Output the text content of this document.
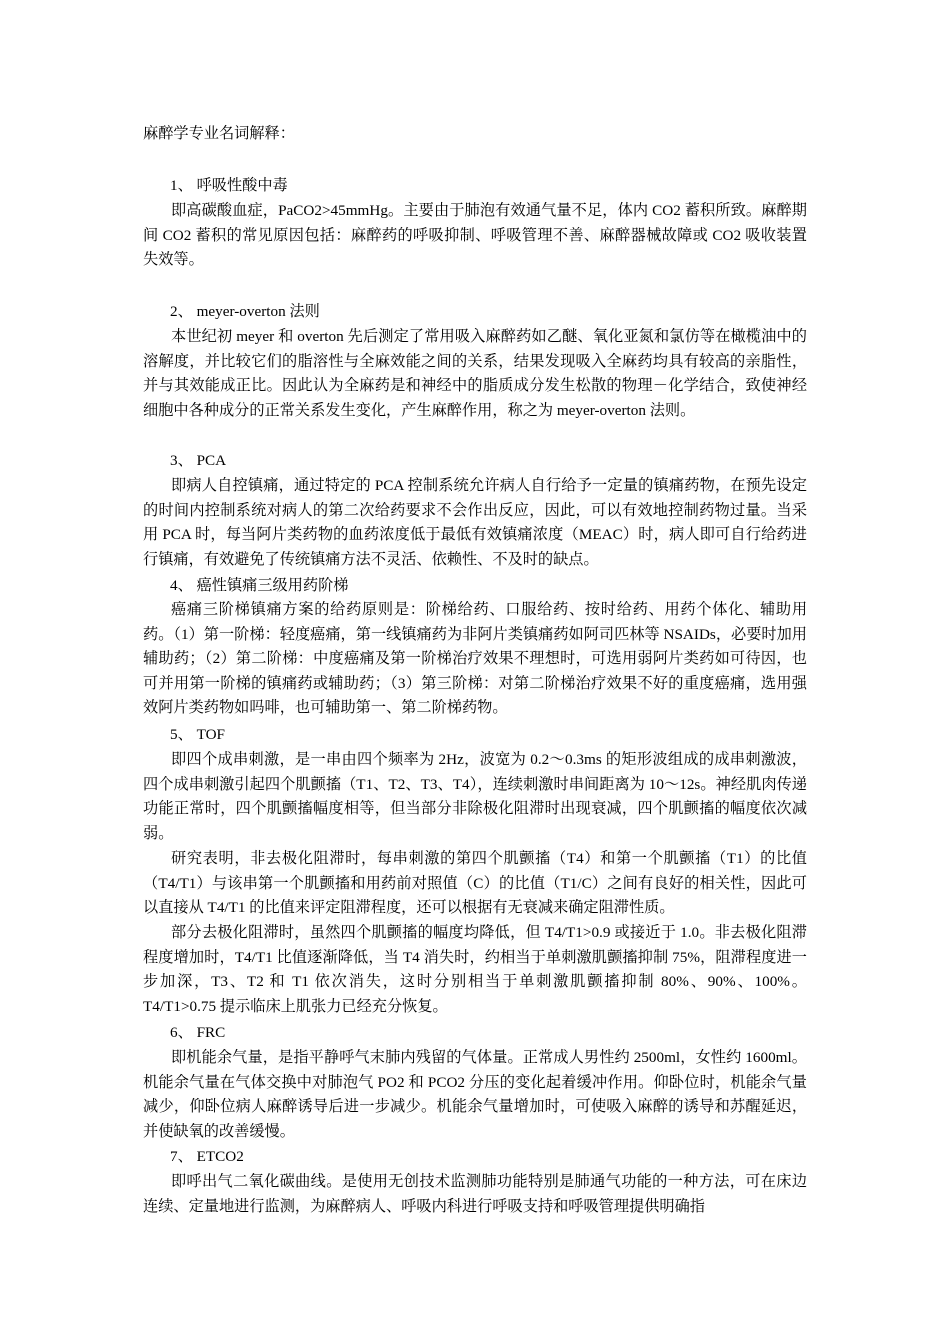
麻醉学专业名词解释：
1、 呼吸性酸中毒
即高碳酸血症，PaCO2>45mmHg。主要由于肺泡有效通气量不足，体内 CO2 蓄积所致。麻醉期间 CO2 蓄积的常见原因包括：麻醉药的呼吸抑制、呼吸管理不善、麻醉器械故障或 CO2 吸收装置失效等。
2、 meyer-overton 法则
本世纪初 meyer 和 overton 先后测定了常用吸入麻醉药如乙醚、氧化亚氮和氯仿等在橄榄油中的溶解度，并比较它们的脂溶性与全麻效能之间的关系，结果发现吸入全麻药均具有较高的亲脂性，并与其效能成正比。因此认为全麻药是和神经中的脂质成分发生松散的物理－化学结合，致使神经细胞中各种成分的正常关系发生变化，产生麻醉作用，称之为 meyer-overton 法则。
3、 PCA
即病人自控镇痛，通过特定的 PCA 控制系统允许病人自行给予一定量的镇痛药物，在预先设定的时间内控制系统对病人的第二次给药要求不会作出反应，因此，可以有效地控制药物过量。当采用 PCA 时，每当阿片类药物的血药浓度低于最低有效镇痛浓度（MEAC）时，病人即可自行给药进行镇痛，有效避免了传统镇痛方法不灵活、依赖性、不及时的缺点。
4、 癌性镇痛三级用药阶梯
癌痛三阶梯镇痛方案的给药原则是：阶梯给药、口服给药、按时给药、用药个体化、辅助用药。（1）第一阶梯：轻度癌痛，第一线镇痛药为非阿片类镇痛药如阿司匹林等 NSAIDs，必要时加用辅助药；（2）第二阶梯：中度癌痛及第一阶梯治疗效果不理想时，可选用弱阿片类药如可待因，也可并用第一阶梯的镇痛药或辅助药；（3）第三阶梯：对第二阶梯治疗效果不好的重度癌痛，选用强效阿片类药物如吗啡，也可辅助第一、第二阶梯药物。
5、 TOF
即四个成串刺激，是一串由四个频率为 2Hz，波宽为 0.2～0.3ms 的矩形波组成的成串刺激波，四个成串刺激引起四个肌颤搐（T1、T2、T3、T4），连续刺激时串间距离为 10～12s。神经肌肉传递功能正常时，四个肌颤搐幅度相等，但当部分非除极化阻滞时出现衰减，四个肌颤搐的幅度依次减弱。
研究表明，非去极化阻滞时，每串刺激的第四个肌颤搐（T4）和第一个肌颤搐（T1）的比值（T4/T1）与该串第一个肌颤搐和用药前对照值（C）的比值（T1/C）之间有良好的相关性，因此可以直接从 T4/T1 的比值来评定阻滞程度，还可以根据有无衰减来确定阻滞性质。
部分去极化阻滞时，虽然四个肌颤搐的幅度均降低，但 T4/T1>0.9 或接近于 1.0。非去极化阻滞程度增加时，T4/T1 比值逐渐降低，当 T4 消失时，约相当于单刺激肌颤搐抑制 75%，阻滞程度进一步加深，T3、T2 和 T1 依次消失，这时分别相当于单刺激肌颤搐抑制 80%、90%、100%。T4/T1>0.75 提示临床上肌张力已经充分恢复。
6、 FRC
即机能余气量，是指平静呼气末肺内残留的气体量。正常成人男性约 2500ml，女性约 1600ml。机能余气量在气体交换中对肺泡气 PO2 和 PCO2 分压的变化起着缓冲作用。仰卧位时，机能余气量减少，仰卧位病人麻醉诱导后进一步减少。机能余气量增加时，可使吸入麻醉的诱导和苏醒延迟，并使缺氧的改善缓慢。
7、 ETCO2
即呼出气二氧化碳曲线。是使用无创技术监测肺功能特别是肺通气功能的一种方法，可在床边连续、定量地进行监测，为麻醉病人、呼吸内科进行呼吸支持和呼吸管理提供明确指
